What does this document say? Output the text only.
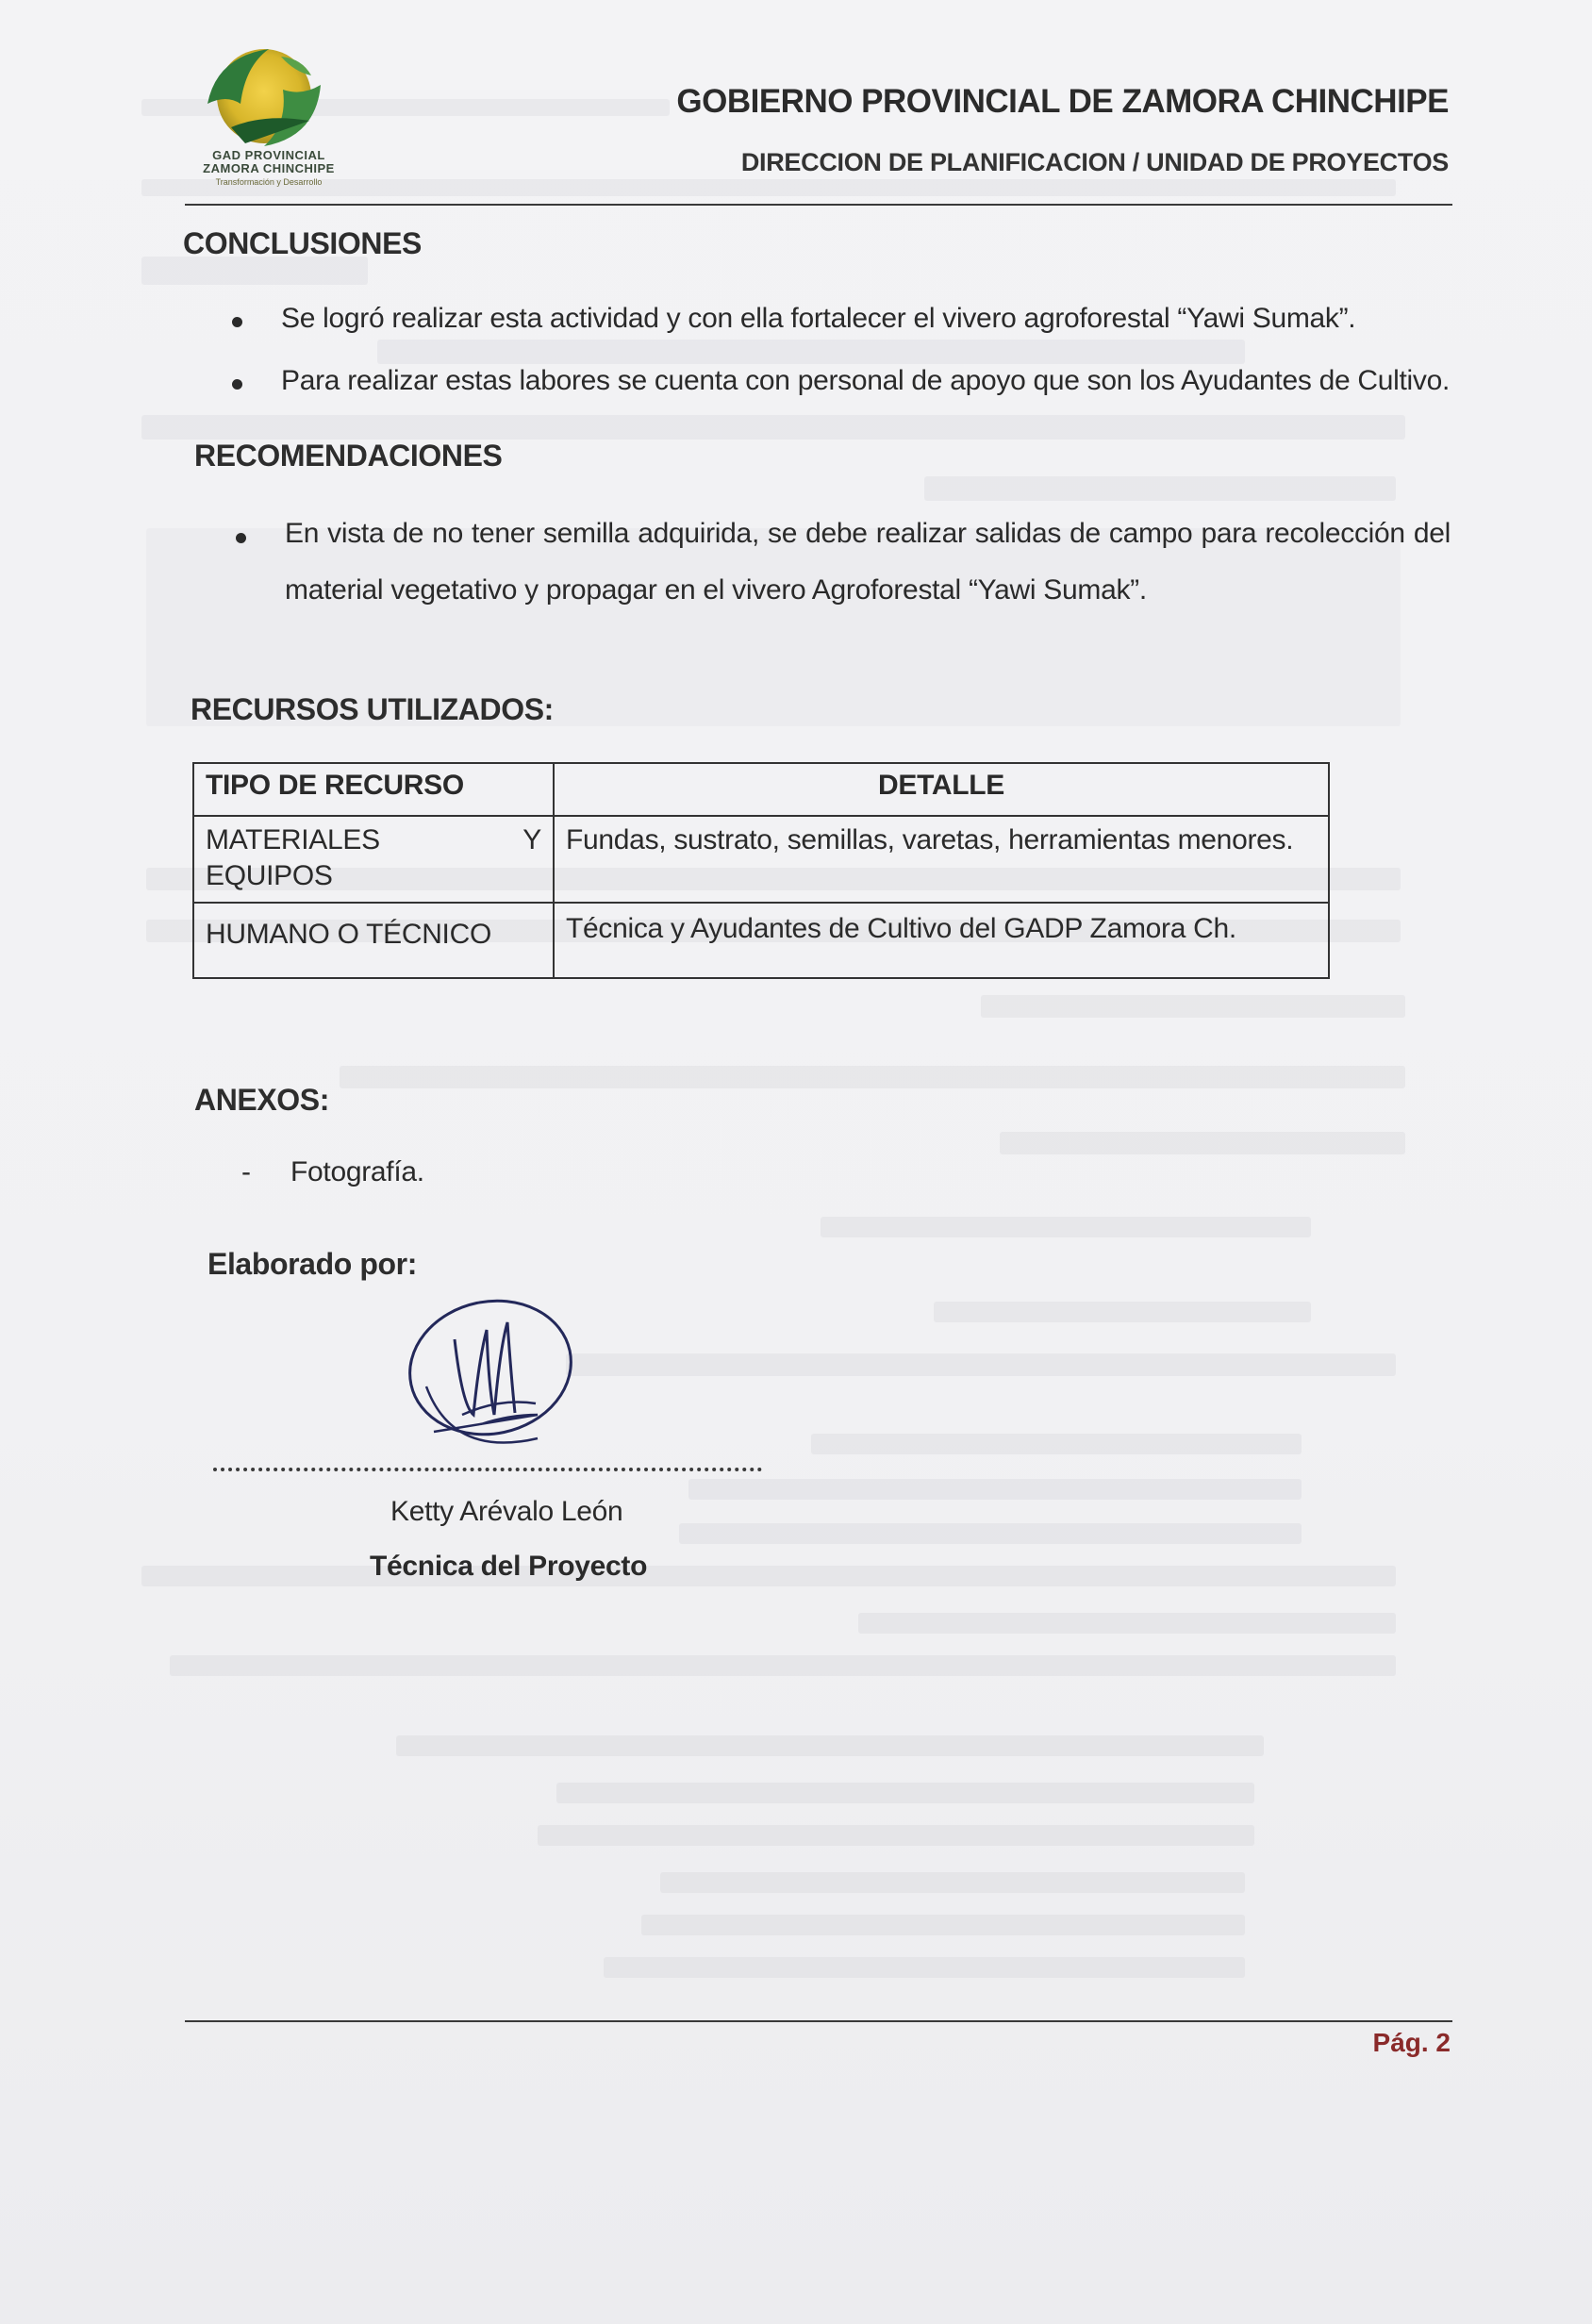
GAD PROVINCIAL
ZAMORA CHINCHIPE
Transformación y Desarrollo
GOBIERNO PROVINCIAL DE ZAMORA CHINCHIPE
DIRECCION DE PLANIFICACION / UNIDAD DE PROYECTOS
CONCLUSIONES
Se logró realizar esta actividad y con ella fortalecer el vivero agroforestal “Yawi Sumak”.
Para realizar estas labores se cuenta con personal de apoyo que son los Ayudantes de Cultivo.
RECOMENDACIONES
En vista de no tener semilla adquirida, se debe realizar salidas de campo para recolección del
material vegetativo y propagar en el vivero Agroforestal “Yawi Sumak”.
RECURSOS UTILIZADOS:
TIPO DE RECURSO	DETALLE

MATERIALES Y
EQUIPOS	Fundas, sustrato, semillas, varetas, herramientas menores.
HUMANO O TÉCNICO	Técnica y Ayudantes de Cultivo del GADP Zamora Ch.
ANEXOS:
- Fotografía.
Elaborado por:
Ketty Arévalo León
Técnica del Proyecto
Pág. 2
